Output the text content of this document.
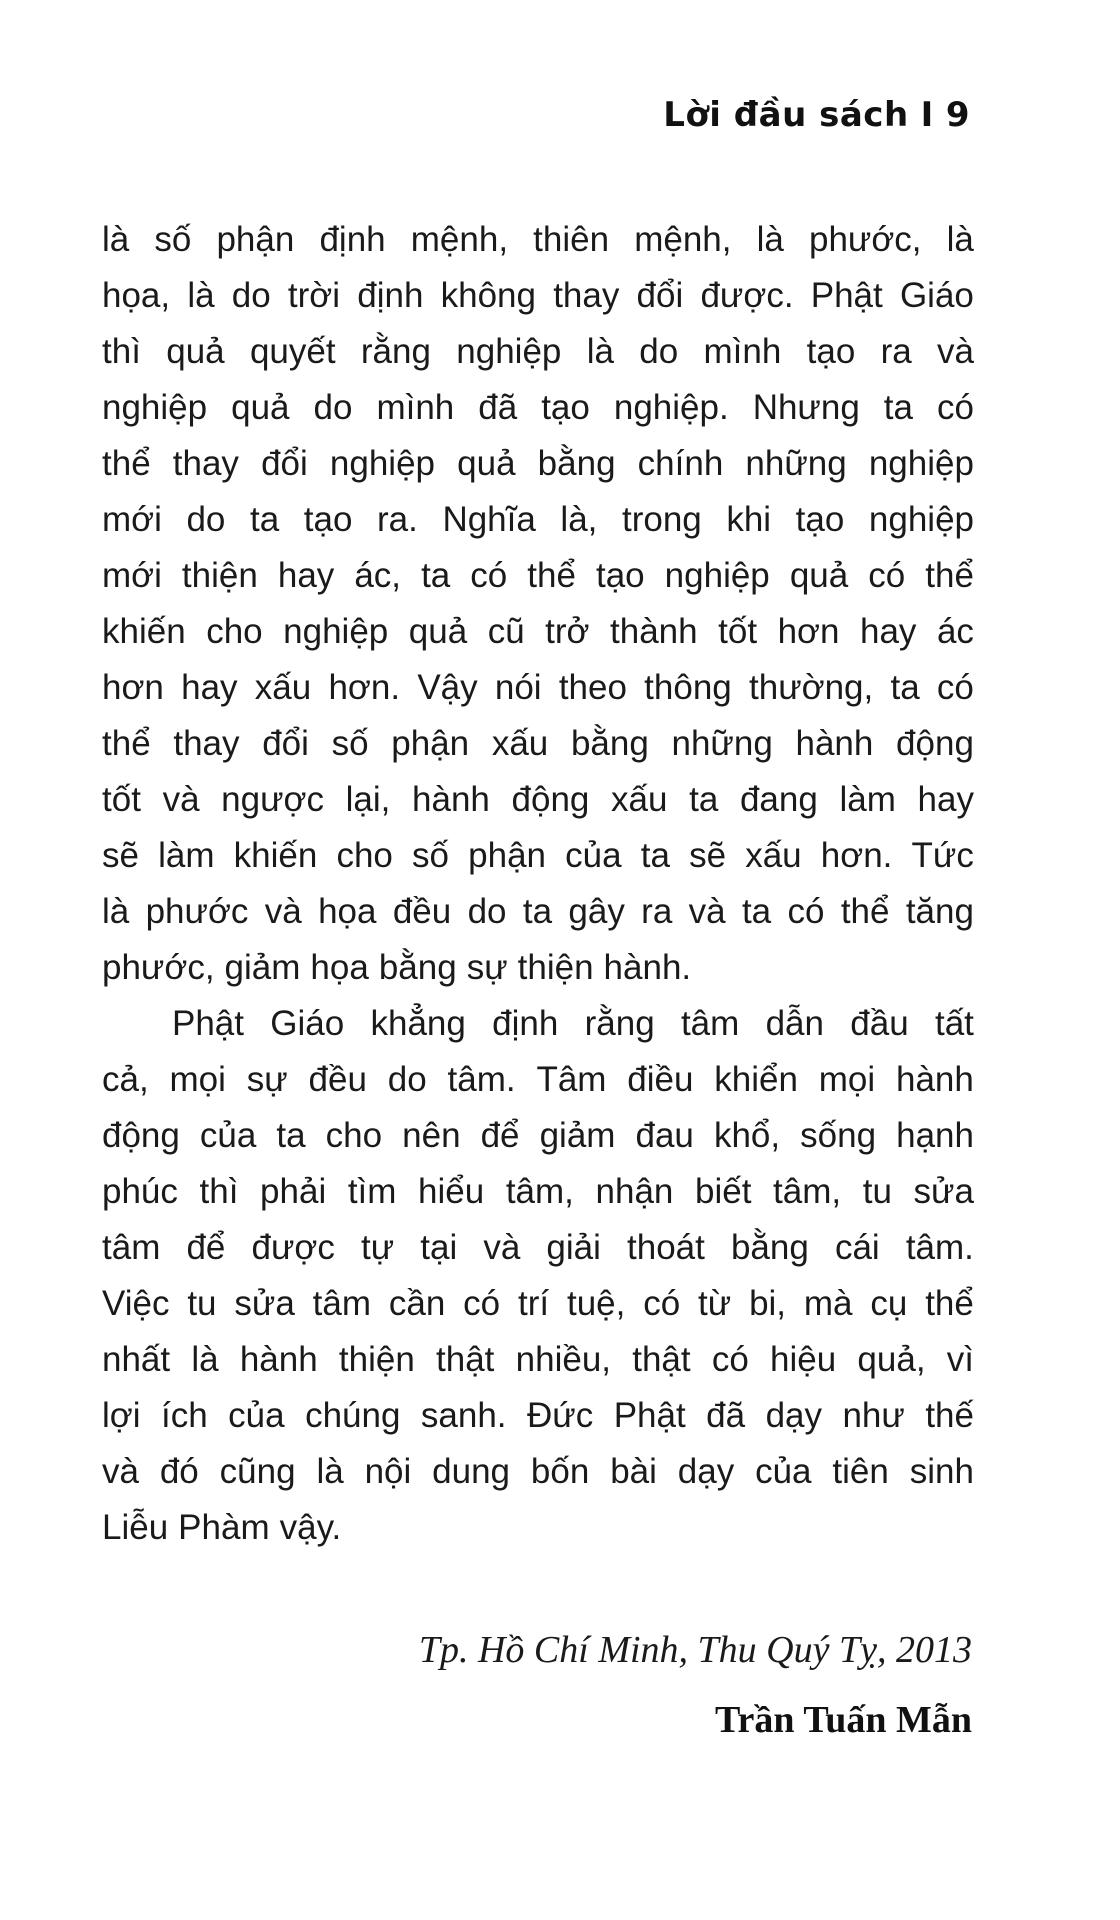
Lời đầu sách I 9
là số phận định mệnh, thiên mệnh, là phước, là
họa, là do trời định không thay đổi được. Phật Giáo
thì quả quyết rằng nghiệp là do mình tạo ra và
nghiệp quả do mình đã tạo nghiệp. Nhưng ta có
thể thay đổi nghiệp quả bằng chính những nghiệp
mới do ta tạo ra. Nghĩa là, trong khi tạo nghiệp
mới thiện hay ác, ta có thể tạo nghiệp quả có thể
khiến cho nghiệp quả cũ trở thành tốt hơn hay ác
hơn hay xấu hơn. Vậy nói theo thông thường, ta có
thể thay đổi số phận xấu bằng những hành động
tốt và ngược lại, hành động xấu ta đang làm hay
sẽ làm khiến cho số phận của ta sẽ xấu hơn. Tức
là phước và họa đều do ta gây ra và ta có thể tăng
phước, giảm họa bằng sự thiện hành.
Phật Giáo khẳng định rằng tâm dẫn đầu tất
cả, mọi sự đều do tâm. Tâm điều khiển mọi hành
động của ta cho nên để giảm đau khổ, sống hạnh
phúc thì phải tìm hiểu tâm, nhận biết tâm, tu sửa
tâm để được tự tại và giải thoát bằng cái tâm.
Việc tu sửa tâm cần có trí tuệ, có từ bi, mà cụ thể
nhất là hành thiện thật nhiều, thật có hiệu quả, vì
lợi ích của chúng sanh. Đức Phật đã dạy như thế
và đó cũng là nội dung bốn bài dạy của tiên sinh
Liễu Phàm vậy.
Tp. Hồ Chí Minh, Thu Quý Tỵ, 2013
Trần Tuấn Mẫn
